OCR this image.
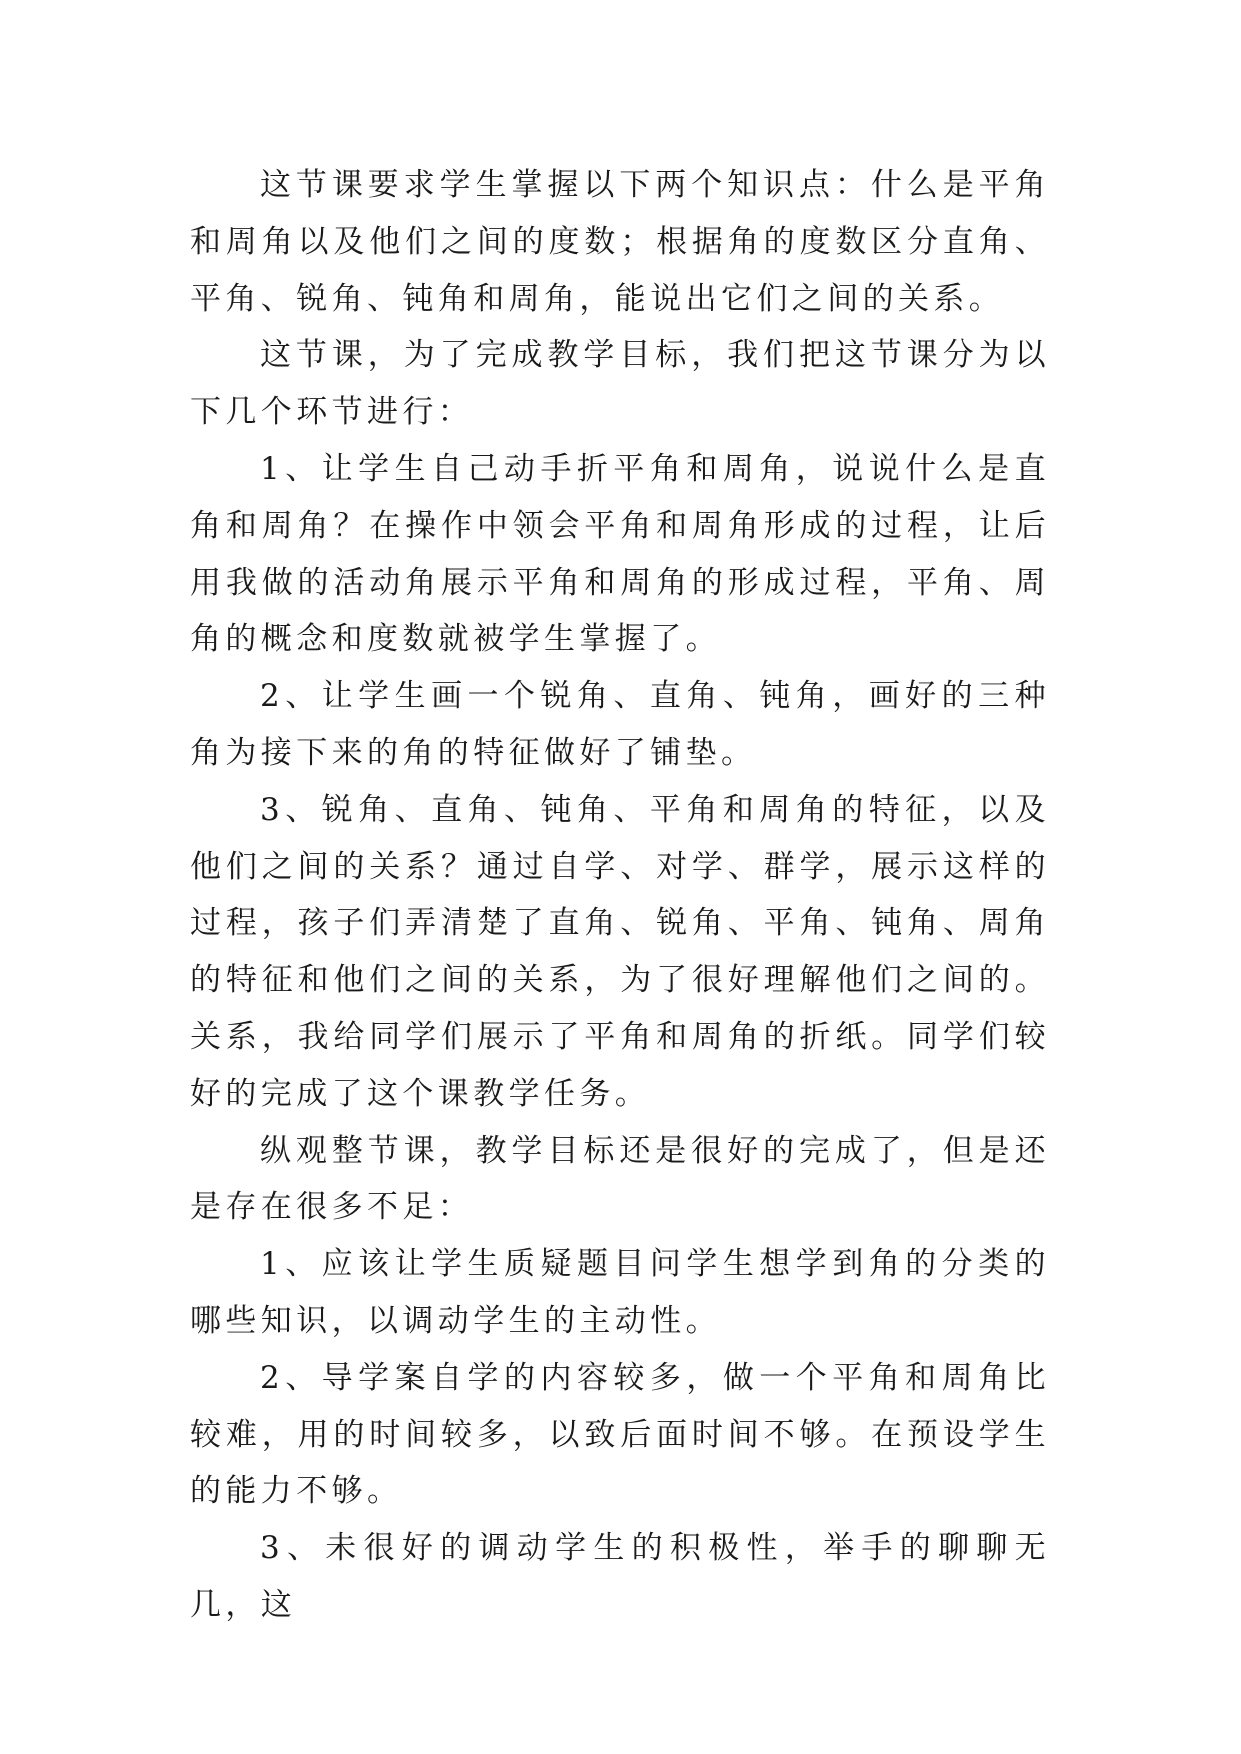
这节课要求学生掌握以下两个知识点：什么是平角和周角以及他们之间的度数；根据角的度数区分直角、平角、锐角、钝角和周角，能说出它们之间的关系。

这节课，为了完成教学目标，我们把这节课分为以下几个环节进行：

1、让学生自己动手折平角和周角，说说什么是直角和周角？在操作中领会平角和周角形成的过程，让后用我做的活动角展示平角和周角的形成过程，平角、周角的概念和度数就被学生掌握了。

2、让学生画一个锐角、直角、钝角，画好的三种角为接下来的角的特征做好了铺垫。

3、锐角、直角、钝角、平角和周角的特征，以及他们之间的关系？通过自学、对学、群学，展示这样的过程，孩子们弄清楚了直角、锐角、平角、钝角、周角的特征和他们之间的关系，为了很好理解他们之间的。关系，我给同学们展示了平角和周角的折纸。同学们较好的完成了这个课教学任务。

纵观整节课，教学目标还是很好的完成了，但是还是存在很多不足：

1、应该让学生质疑题目问学生想学到角的分类的哪些知识，以调动学生的主动性。

2、导学案自学的内容较多，做一个平角和周角比较难，用的时间较多，以致后面时间不够。在预设学生的能力不够。

3、未很好的调动学生的积极性，举手的聊聊无几，这
